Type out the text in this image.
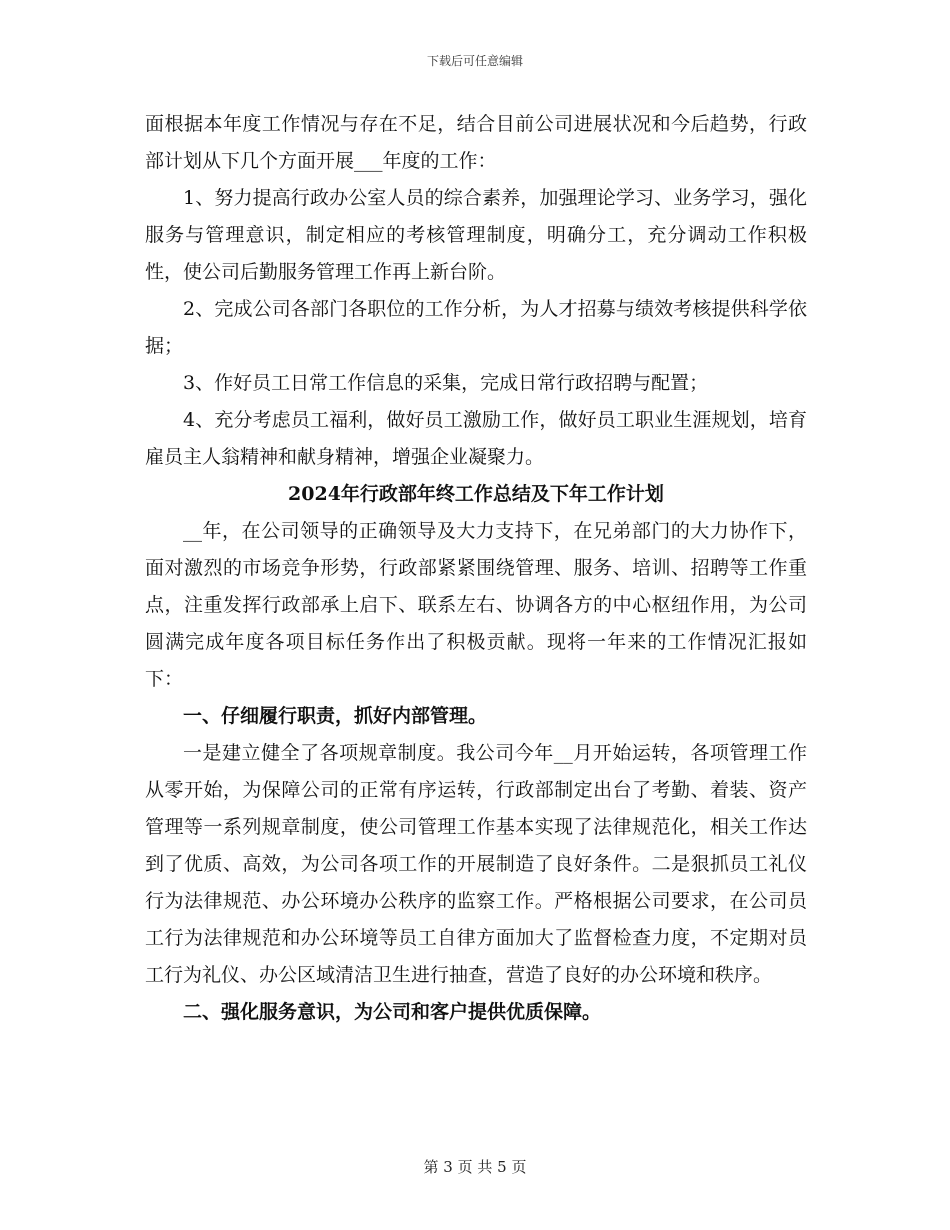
下载后可任意编辑

面根据本年度工作情况与存在不足，结合目前公司进展状况和今后趋势，行政部计划从下几个方面开展___年度的工作：

1、努力提高行政办公室人员的综合素养，加强理论学习、业务学习，强化服务与管理意识，制定相应的考核管理制度，明确分工，充分调动工作积极性，使公司后勤服务管理工作再上新台阶。

2、完成公司各部门各职位的工作分析，为人才招募与绩效考核提供科学依据；

3、作好员工日常工作信息的采集，完成日常行政招聘与配置；

4、充分考虑员工福利，做好员工激励工作，做好员工职业生涯规划，培育雇员主人翁精神和献身精神，增强企业凝聚力。

2024年行政部年终工作总结及下年工作计划

__年，在公司领导的正确领导及大力支持下，在兄弟部门的大力协作下，面对激烈的市场竞争形势，行政部紧紧围绕管理、服务、培训、招聘等工作重点，注重发挥行政部承上启下、联系左右、协调各方的中心枢纽作用，为公司圆满完成年度各项目标任务作出了积极贡献。现将一年来的工作情况汇报如下：

一、仔细履行职责，抓好内部管理。

一是建立健全了各项规章制度。我公司今年__月开始运转，各项管理工作从零开始，为保障公司的正常有序运转，行政部制定出台了考勤、着装、资产管理等一系列规章制度，使公司管理工作基本实现了法律规范化，相关工作达到了优质、高效，为公司各项工作的开展制造了良好条件。二是狠抓员工礼仪行为法律规范、办公环境办公秩序的监察工作。严格根据公司要求，在公司员工行为法律规范和办公环境等员工自律方面加大了监督检查力度，不定期对员工行为礼仪、办公区域清洁卫生进行抽查，营造了良好的办公环境和秩序。

二、强化服务意识，为公司和客户提供优质保障。

第 3 页 共 5 页
